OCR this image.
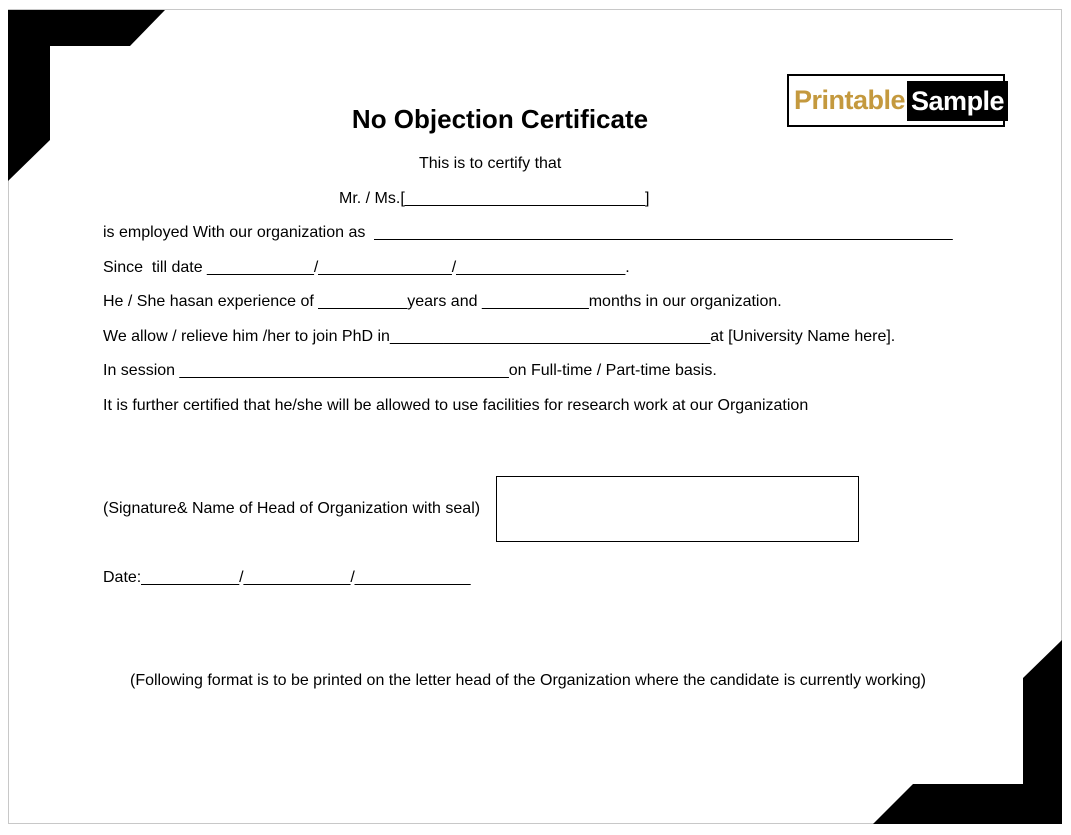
Printable Sample
No Objection Certificate
This is to certify that
Mr. / Ms.[___________________________]
is employed With our organization as  _________________________________________________________________
Since  till date ____________/_______________/___________________.
He / She hasan experience of __________years and ____________months in our organization.
We allow / relieve him /her to join PhD in____________________________________at [University Name here].
In session _____________________________________on Full-time / Part-time basis.
It is further certified that he/she will be allowed to use facilities for research work at our Organization
(Signature& Name of Head of Organization with seal)
Date:___________/____________/_____________
(Following format is to be printed on the letter head of the Organization where the candidate is currently working)
